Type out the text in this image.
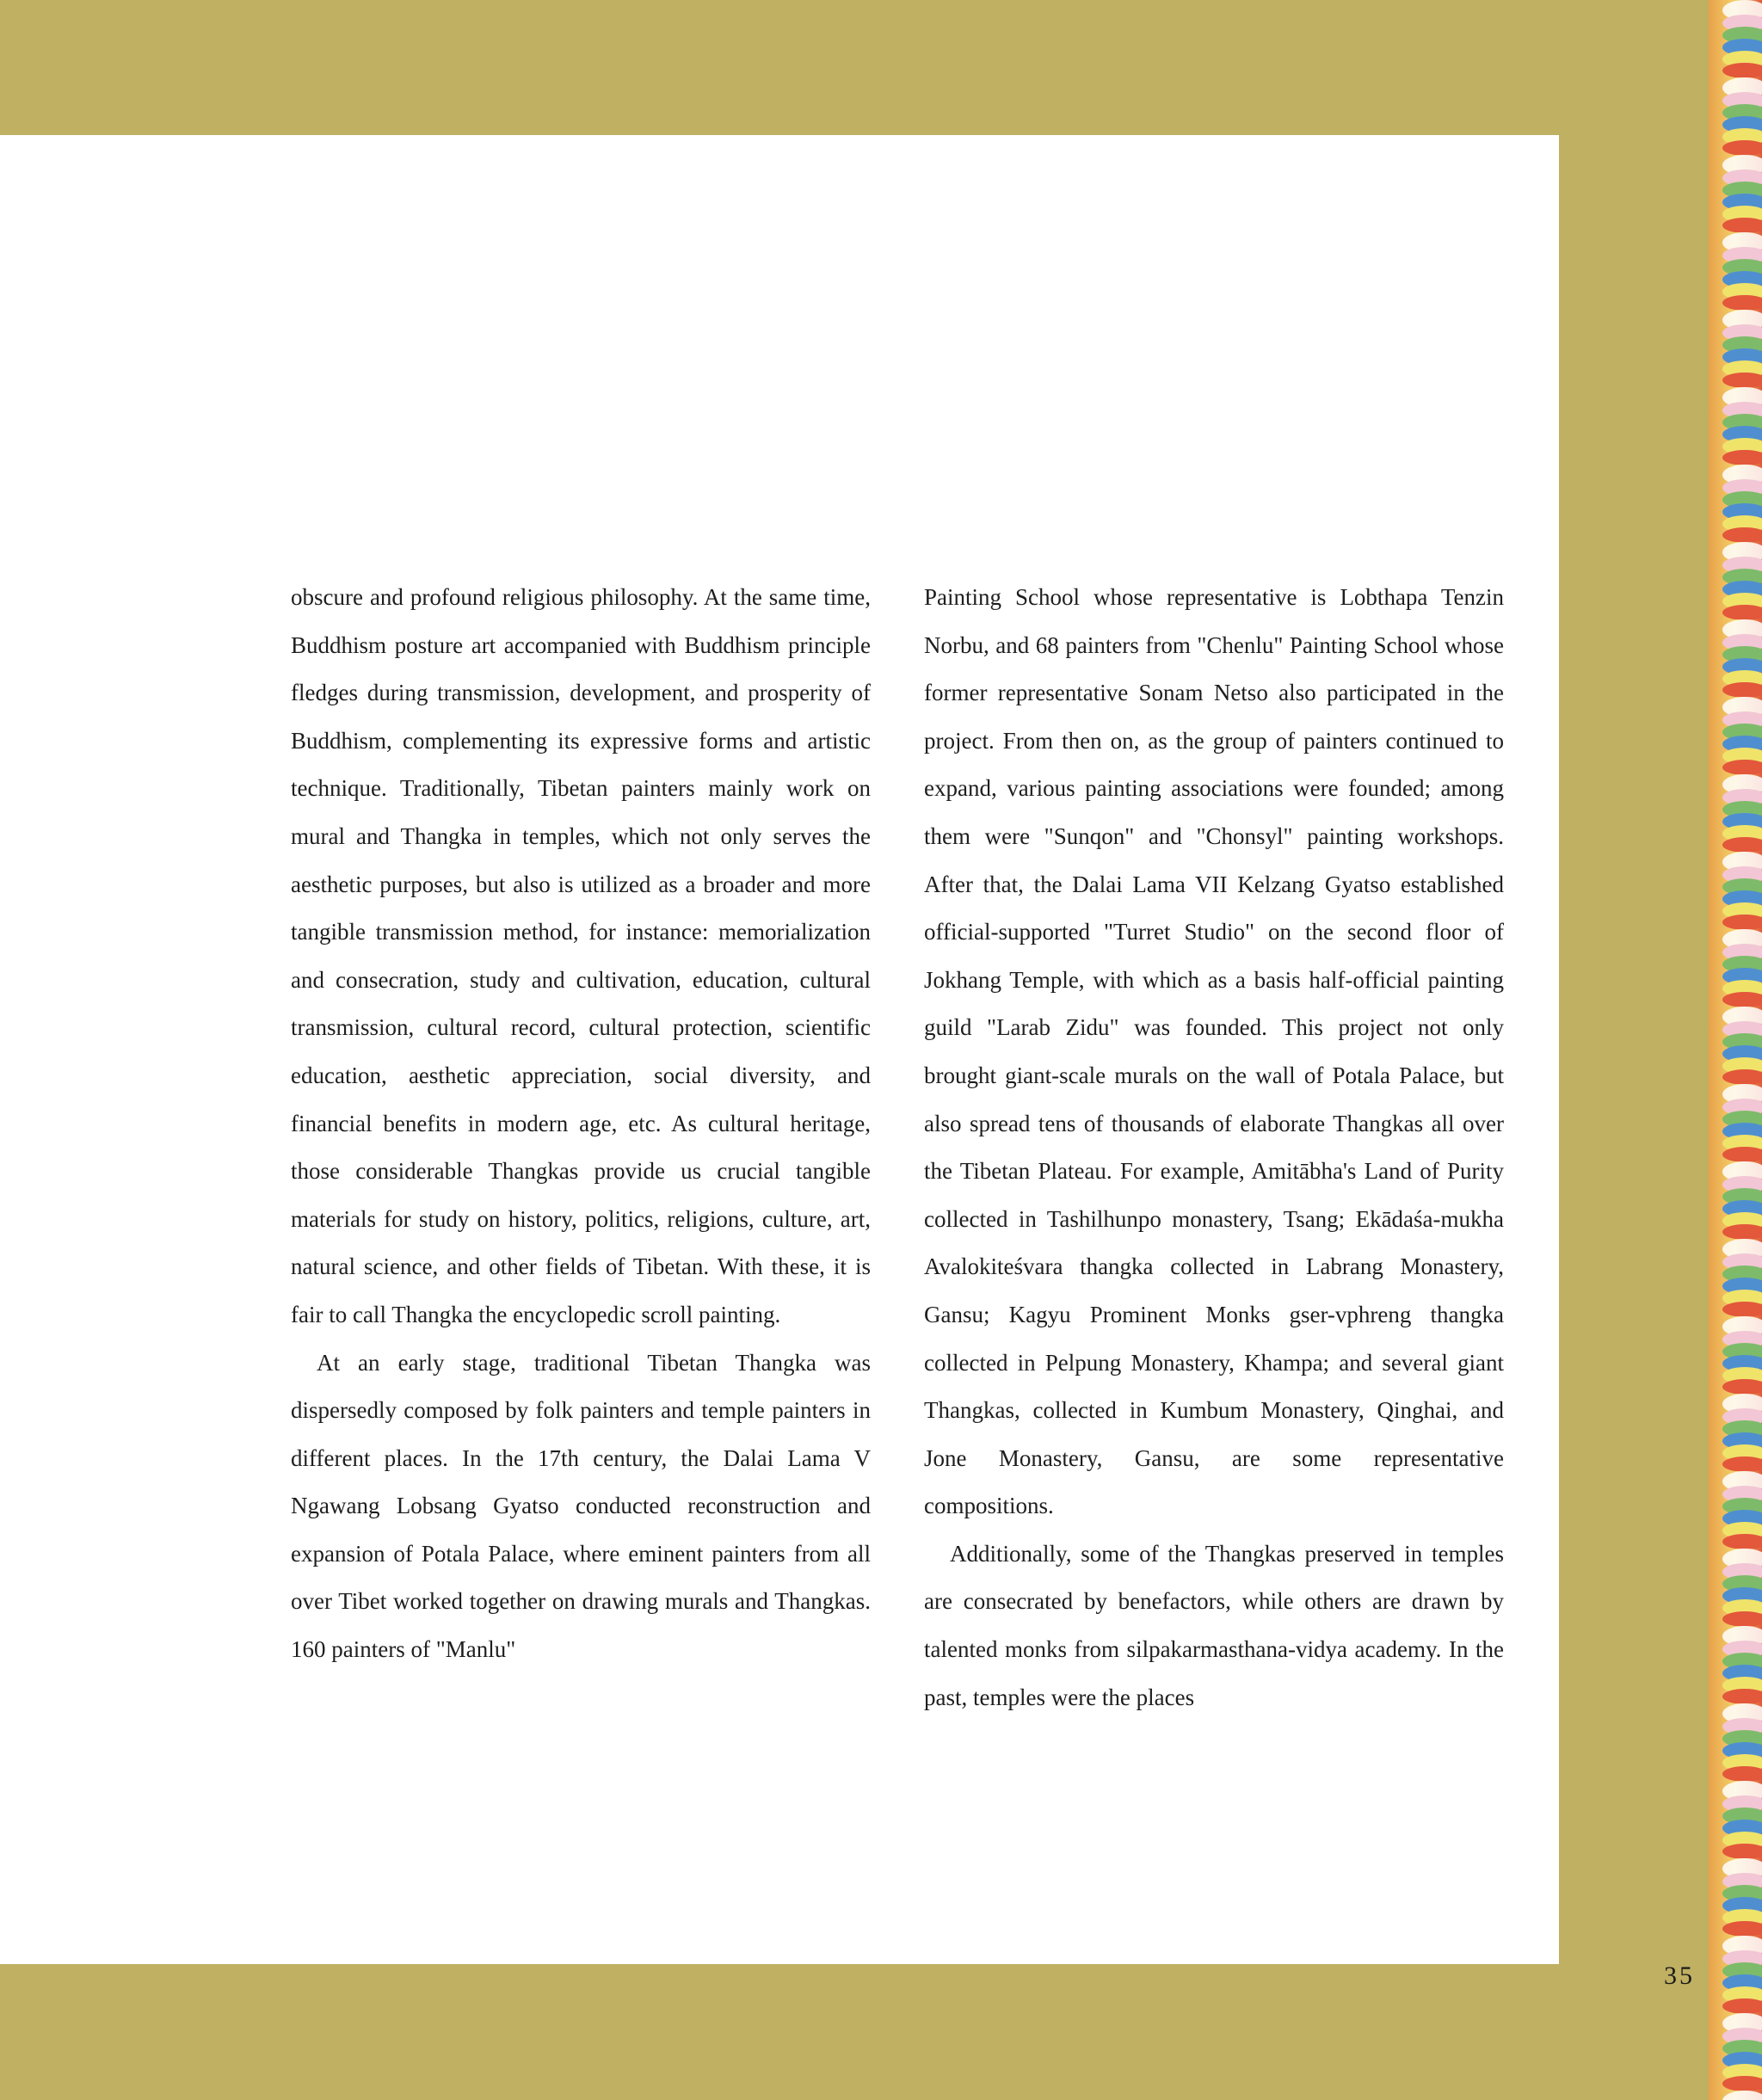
obscure and profound religious philosophy. At the same time, Buddhism posture art accompanied with Buddhism principle fledges during transmission, development, and prosperity of Buddhism, complementing its expressive forms and artistic technique. Traditionally, Tibetan painters mainly work on mural and Thangka in temples, which not only serves the aesthetic purposes, but also is utilized as a broader and more tangible transmission method, for instance: memorialization and consecration, study and cultivation, education, cultural transmission, cultural record, cultural protection, scientific education, aesthetic appreciation, social diversity, and financial benefits in modern age, etc. As cultural heritage, those considerable Thangkas provide us crucial tangible materials for study on history, politics, religions, culture, art, natural science, and other fields of Tibetan. With these, it is fair to call Thangka the encyclopedic scroll painting.

At an early stage, traditional Tibetan Thangka was dispersedly composed by folk painters and temple painters in different places. In the 17th century, the Dalai Lama V Ngawang Lobsang Gyatso conducted reconstruction and expansion of Potala Palace, where eminent painters from all over Tibet worked together on drawing murals and Thangkas. 160 painters of "Manlu"

Painting School whose representative is Lobthapa Tenzin Norbu, and 68 painters from "Chenlu" Painting School whose former representative Sonam Netso also participated in the project. From then on, as the group of painters continued to expand, various painting associations were founded; among them were "Sunqon" and "Chonsyl" painting workshops. After that, the Dalai Lama VII Kelzang Gyatso established official-supported "Turret Studio" on the second floor of Jokhang Temple, with which as a basis half-official painting guild "Larab Zidu" was founded. This project not only brought giant-scale murals on the wall of Potala Palace, but also spread tens of thousands of elaborate Thangkas all over the Tibetan Plateau. For example, Amitābha's Land of Purity collected in Tashilhunpo monastery, Tsang; Ekādaśa-mukha Avalokiteśvara thangka collected in Labrang Monastery, Gansu; Kagyu Prominent Monks gser-vphreng thangka collected in Pelpung Monastery, Khampa; and several giant Thangkas, collected in Kumbum Monastery, Qinghai, and Jone Monastery, Gansu, are some representative compositions.

Additionally, some of the Thangkas preserved in temples are consecrated by benefactors, while others are drawn by talented monks from silpakarmasthana-vidya academy. In the past, temples were the places

35
